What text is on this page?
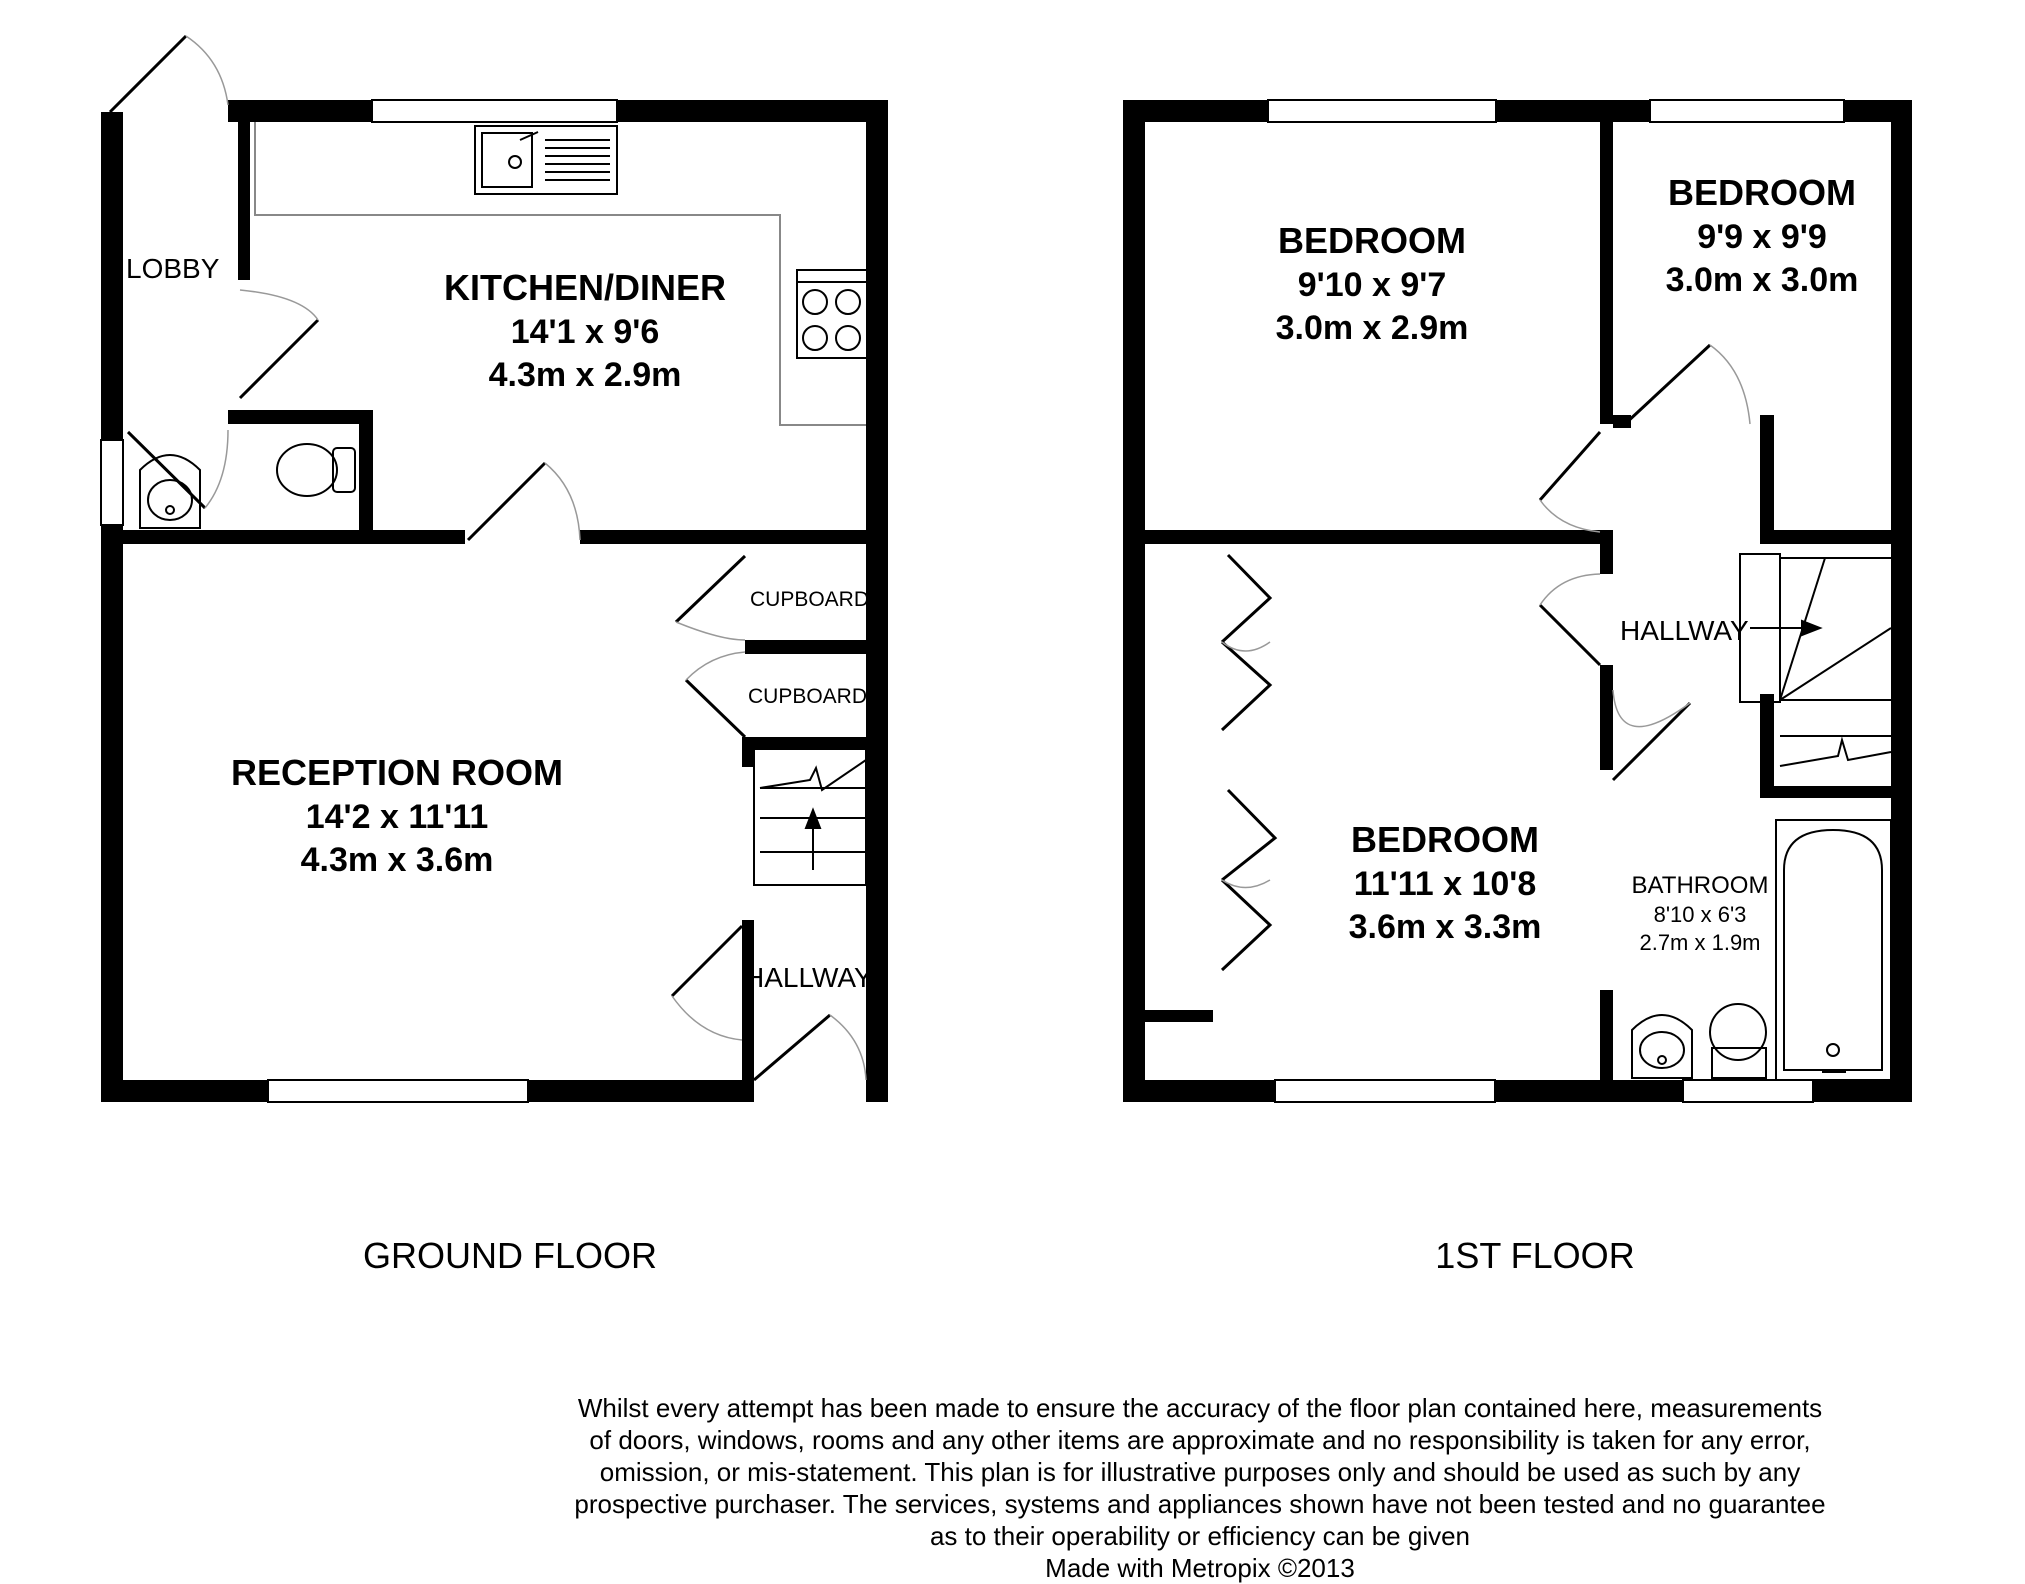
KITCHEN/DINER
14'1 x 9'6
4.3m x 2.9m
RECEPTION ROOM
14'2 x 11'11
4.3m x 3.6m
LOBBY
CUPBOARD
CUPBOARD
HALLWAY
GROUND FLOOR
BEDROOM
9'10 x 9'7
3.0m x 2.9m
BEDROOM
9'9 x 9'9
3.0m x 3.0m
BEDROOM
11'11 x 10'8
3.6m x 3.3m
HALLWAY
BATHROOM
8'10 x 6'3
2.7m x 1.9m
1ST FLOOR
Whilst every attempt has been made to ensure the accuracy of the floor plan contained here, measurements
of doors, windows, rooms and any other items are approximate and no responsibility is taken for any error,
omission, or mis-statement. This plan is for illustrative purposes only and should be used as such by any
prospective purchaser. The services, systems and appliances shown have not been tested and no guarantee
as to their operability or efficiency can be given
Made with Metropix ©2013
